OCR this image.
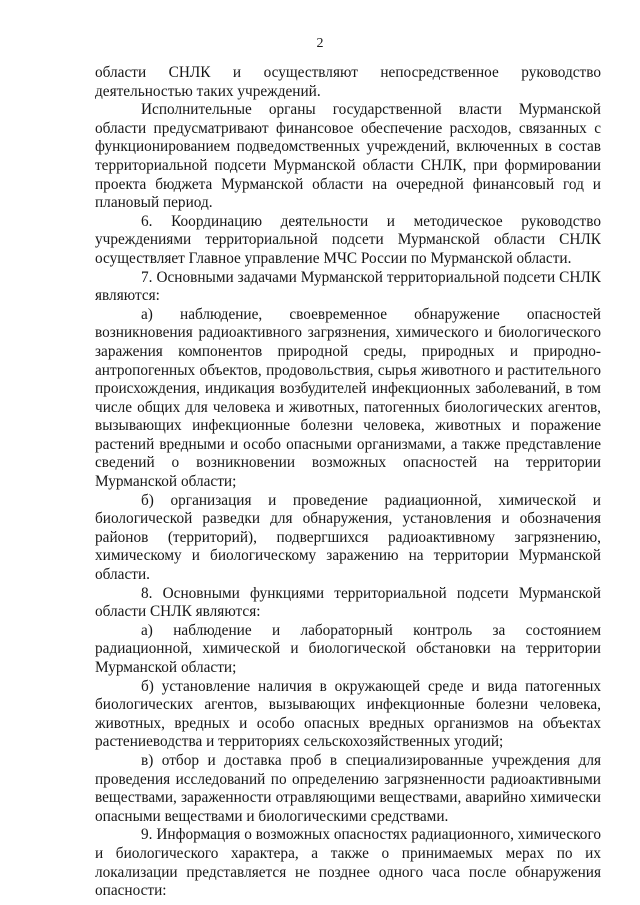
2

области СНЛК и осуществляют непосредственное руководство деятельностью таких учреждений.

Исполнительные органы государственной власти Мурманской области предусматривают финансовое обеспечение расходов, связанных с функционированием подведомственных учреждений, включенных в состав территориальной подсети Мурманской области СНЛК, при формировании проекта бюджета Мурманской области на очередной финансовый год и плановый период.

6. Координацию деятельности и методическое руководство учреждениями территориальной подсети Мурманской области СНЛК осуществляет Главное управление МЧС России по Мурманской области.

7. Основными задачами Мурманской территориальной подсети СНЛК являются:

а) наблюдение, своевременное обнаружение опасностей возникновения радиоактивного загрязнения, химического и биологического заражения компонентов природной среды, природных и природно-антропогенных объектов, продовольствия, сырья животного и растительного происхождения, индикация возбудителей инфекционных заболеваний, в том числе общих для человека и животных, патогенных биологических агентов, вызывающих инфекционные болезни человека, животных и поражение растений вредными и особо опасными организмами, а также представление сведений о возникновении возможных опасностей на территории Мурманской области;

б) организация и проведение радиационной, химической и биологической разведки для обнаружения, установления и обозначения районов (территорий), подвергшихся радиоактивному загрязнению, химическому и биологическому заражению на территории Мурманской области.

8. Основными функциями территориальной подсети Мурманской области СНЛК являются:

а) наблюдение и лабораторный контроль за состоянием радиационной, химической и биологической обстановки на территории Мурманской области;

б) установление наличия в окружающей среде и вида патогенных биологических агентов, вызывающих инфекционные болезни человека, животных, вредных и особо опасных вредных организмов на объектах растениеводства и территориях сельскохозяйственных угодий;

в) отбор и доставка проб в специализированные учреждения для проведения исследований по определению загрязненности радиоактивными веществами, зараженности отравляющими веществами, аварийно химически опасными веществами и биологическими средствами.

9. Информация о возможных опасностях радиационного, химического и биологического характера, а также о принимаемых мерах по их локализации представляется не позднее одного часа после обнаружения опасности:
